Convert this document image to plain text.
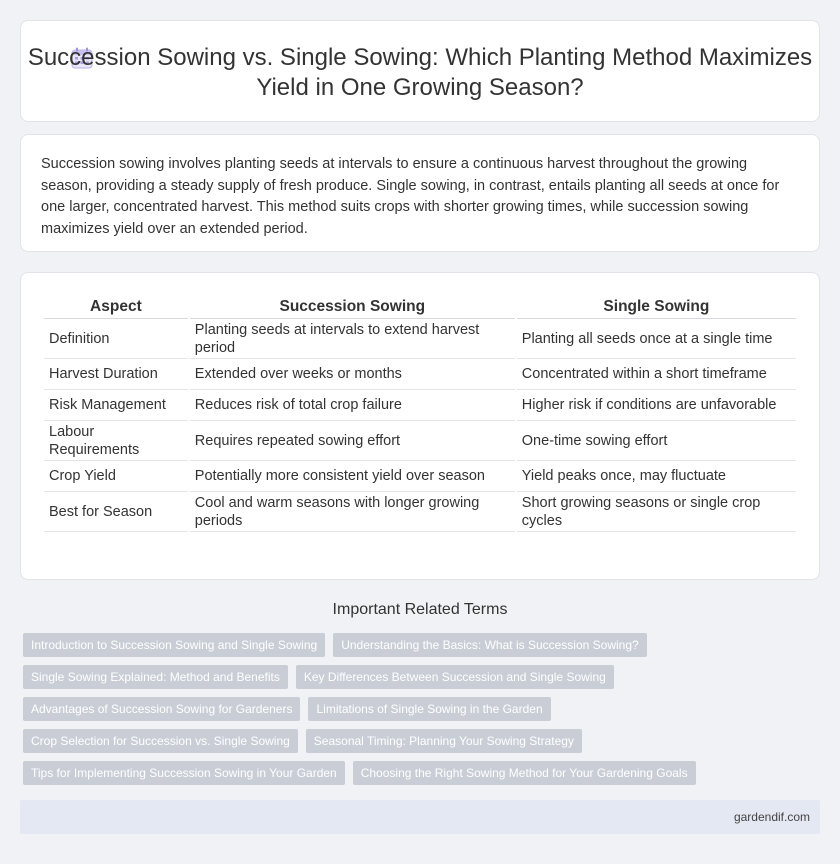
Succession Sowing vs. Single Sowing: Which Planting Method Maximizes Yield in One Growing Season?

Succession sowing involves planting seeds at intervals to ensure a continuous harvest throughout the growing season, providing a steady supply of fresh produce. Single sowing, in contrast, entails planting all seeds at once for one larger, concentrated harvest. This method suits crops with shorter growing times, while succession sowing maximizes yield over an extended period.

Aspect	Succession Sowing	Single Sowing
Definition	Planting seeds at intervals to extend harvest period	Planting all seeds once at a single time
Harvest Duration	Extended over weeks or months	Concentrated within a short timeframe
Risk Management	Reduces risk of total crop failure	Higher risk if conditions are unfavorable
Labour Requirements	Requires repeated sowing effort	One-time sowing effort
Crop Yield	Potentially more consistent yield over season	Yield peaks once, may fluctuate
Best for Season	Cool and warm seasons with longer growing periods	Short growing seasons or single crop cycles
Important Related Terms
Introduction to Succession Sowing and Single Sowing	Understanding the Basics: What is Succession Sowing?
Single Sowing Explained: Method and Benefits	Key Differences Between Succession and Single Sowing
Advantages of Succession Sowing for Gardeners	Limitations of Single Sowing in the Garden
Crop Selection for Succession vs. Single Sowing	Seasonal Timing: Planning Your Sowing Strategy
Tips for Implementing Succession Sowing in Your Garden	Choosing the Right Sowing Method for Your Gardening Goals
gardendif.com
